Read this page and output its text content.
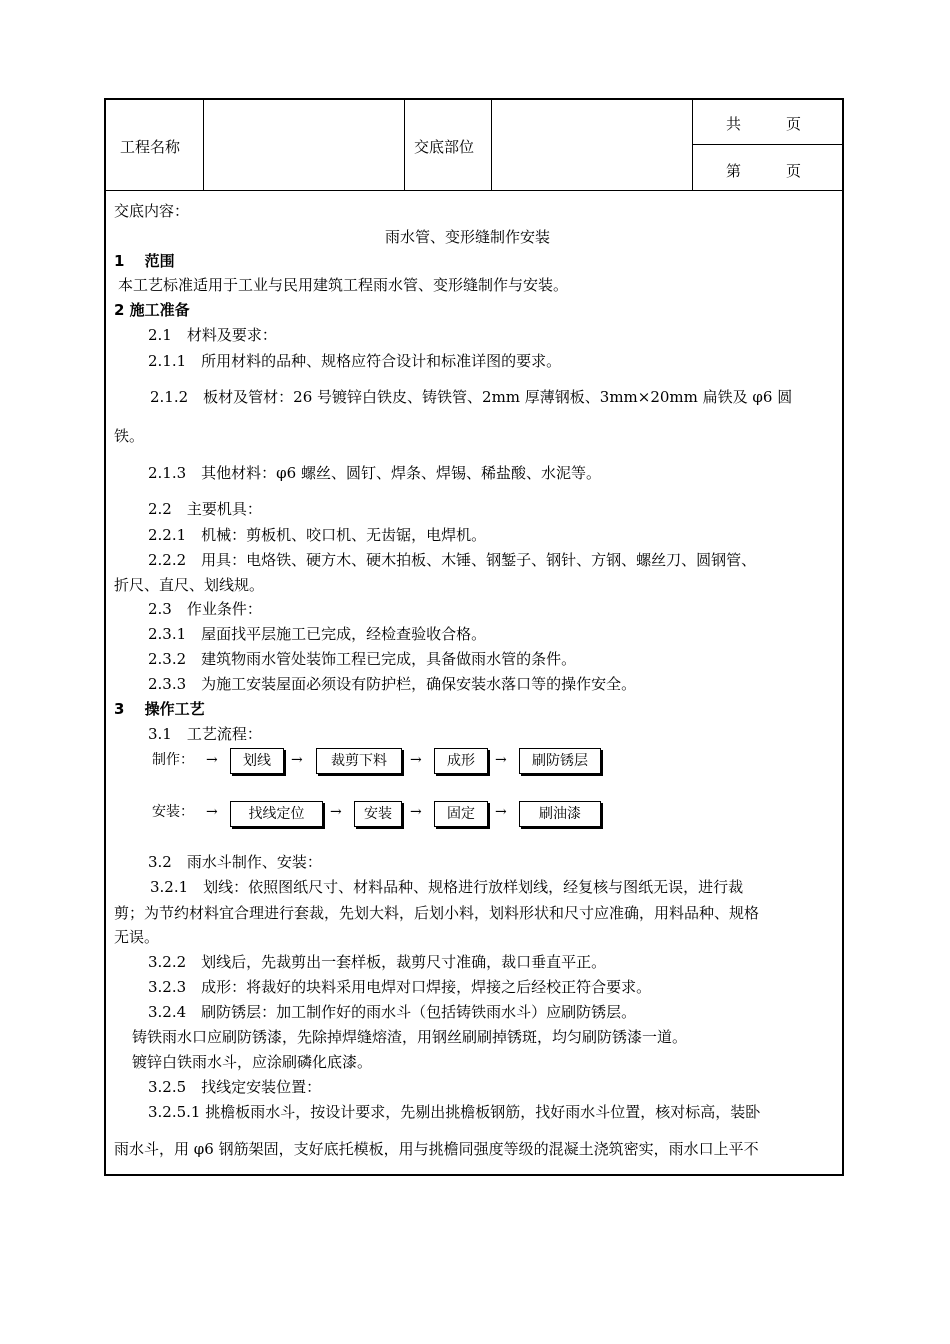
工程名称	交底部位
共　　　页
第　　　页
交底内容：
雨水管、变形缝制作安装
1　 范围
本工艺标准适用于工业与民用建筑工程雨水管、变形缝制作与安装。
2 施工准备
2.1　材料及要求：
2.1.1　所用材料的品种、规格应符合设计和标准详图的要求。
2.1.2　板材及管材：26 号镀锌白铁皮、铸铁管、2mm 厚薄钢板、3mm×20mm 扁铁及 φ6 圆
铁。
2.1.3　其他材料：φ6 螺丝、圆钉、焊条、焊锡、稀盐酸、水泥等。
2.2　主要机具：
2.2.1　机械：剪板机、咬口机、无齿锯，电焊机。
2.2.2　用具：电烙铁、硬方木、硬木拍板、木锤、钢錾子、钢针、方钢、螺丝刀、圆钢管、
折尺、直尺、划线规。
2.3　作业条件：
2.3.1　屋面找平层施工已完成，经检查验收合格。
2.3.2　建筑物雨水管处装饰工程已完成，具备做雨水管的条件。
2.3.3　为施工安装屋面必须设有防护栏，确保安装水落口等的操作安全。
3　 操作工艺
3.1　工艺流程：
制作： →	划线	→	裁剪下料	→	成形	→	刷防锈层
安装： →	找线定位	→	安装	→	固定	→	刷油漆
3.2　雨水斗制作、安装：
3.2.1　划线：依照图纸尺寸、材料品种、规格进行放样划线，经复核与图纸无误，进行裁
剪；为节约材料宜合理进行套裁，先划大料，后划小料，划料形状和尺寸应准确，用料品种、规格
无误。
3.2.2　划线后，先裁剪出一套样板，裁剪尺寸准确，裁口垂直平正。
3.2.3　成形：将裁好的块料采用电焊对口焊接，焊接之后经校正符合要求。
3.2.4　刷防锈层：加工制作好的雨水斗（包括铸铁雨水斗）应刷防锈层。
铸铁雨水口应刷防锈漆，先除掉焊缝熔渣，用钢丝刷刷掉锈斑，均匀刷防锈漆一道。
镀锌白铁雨水斗，应涂刷磷化底漆。
3.2.5　找线定安装位置：
3.2.5.1 挑檐板雨水斗，按设计要求，先剔出挑檐板钢筋，找好雨水斗位置，核对标高，装卧
雨水斗，用 φ6 钢筋架固，支好底托模板，用与挑檐同强度等级的混凝土浇筑密实，雨水口上平不
